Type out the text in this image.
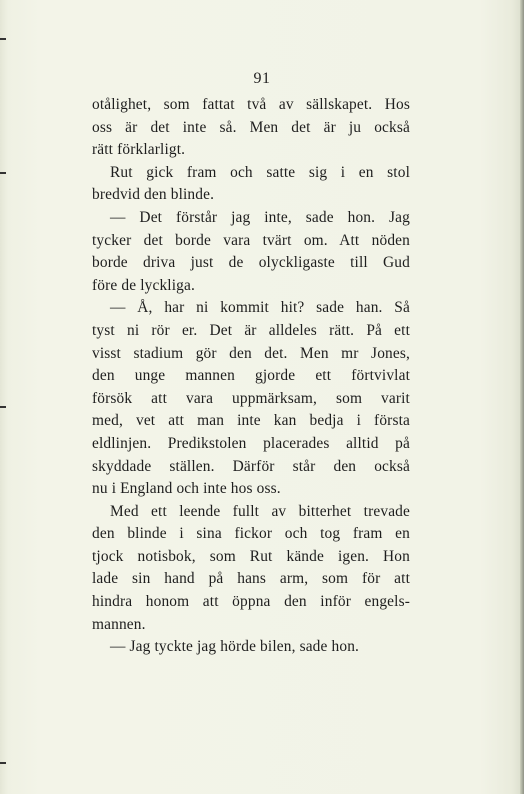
91
otålighet, som fattat två av sällskapet. Hos
oss är det inte så. Men det är ju också
rätt förklarligt.
Rut gick fram och satte sig i en stol
bredvid den blinde.
— Det förstår jag inte, sade hon. Jag
tycker det borde vara tvärt om. Att nöden
borde driva just de olyckligaste till Gud
före de lyckliga.
— Å, har ni kommit hit? sade han. Så
tyst ni rör er. Det är alldeles rätt. På ett
visst stadium gör den det. Men mr Jones,
den unge mannen gjorde ett förtvivlat
försök att vara uppmärksam, som varit
med, vet att man inte kan bedja i första
eldlinjen. Predikstolen placerades alltid på
skyddade ställen. Därför står den också
nu i England och inte hos oss.
Med ett leende fullt av bitterhet trevade
den blinde i sina fickor och tog fram en
tjock notisbok, som Rut kände igen. Hon
lade sin hand på hans arm, som för att
hindra honom att öppna den inför engels-
mannen.
— Jag tyckte jag hörde bilen, sade hon.
